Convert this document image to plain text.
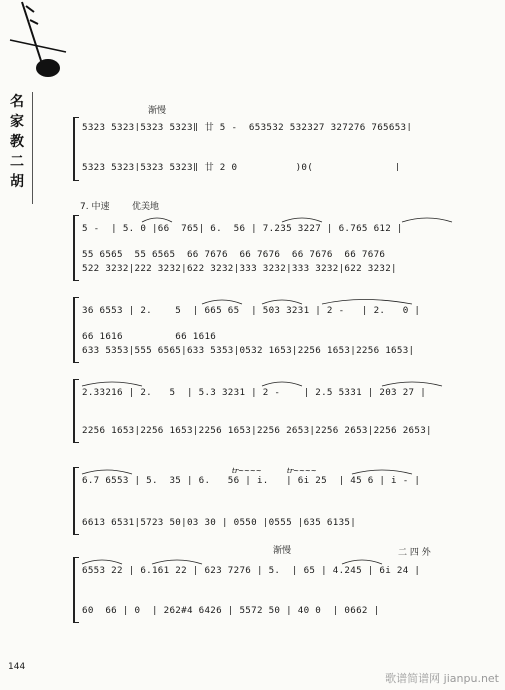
名
家
教
二
胡
渐慢
5323 5323|5323 5323‖ 廿 5 -  653532 532327 327276 765653|
5323 5323|5323 5323‖ 廿 2 0          )0(              |
7. 中速	优美地
5 -  | 5. 0 |66  765| 6.  56 | 7.235 3227 | 6.765 612 |
55 6565  55 6565  66 7676  66 7676  66 7676  66 7676
522 3232|222 3232|622 3232|333 3232|333 3232|622 3232|
36 6553 | 2.    5  | 665 65  | 503 3231 | 2 -   | 2.   0 |
66 1616         66 1616
633 5353|555 6565|633 5353|0532 1653|2256 1653|2256 1653|
2.33216 | 2.   5  | 5.3 3231 | 2 -    | 2.5 5331 | 203 27 |
2256 1653|2256 1653|2256 1653|2256 2653|2256 2653|2256 2653|
tr~~~~	tr~~~~
6.7 6553 | 5.  35 | 6.   56 | i.   | 6i 25  | 45 6 | i - |
6613 6531|5723 50|03 30 | 0550 |0555 |635 6135|
渐慢	二 四 外
6553 22 | 6.161 22 | 623 7276 | 5.  | 65 | 4.245 | 6i 24 |
60  66 | 0  | 262#4 6426 | 5572 50 | 40 0  | 0662 |
144
歌谱简谱网 jianpu.net
